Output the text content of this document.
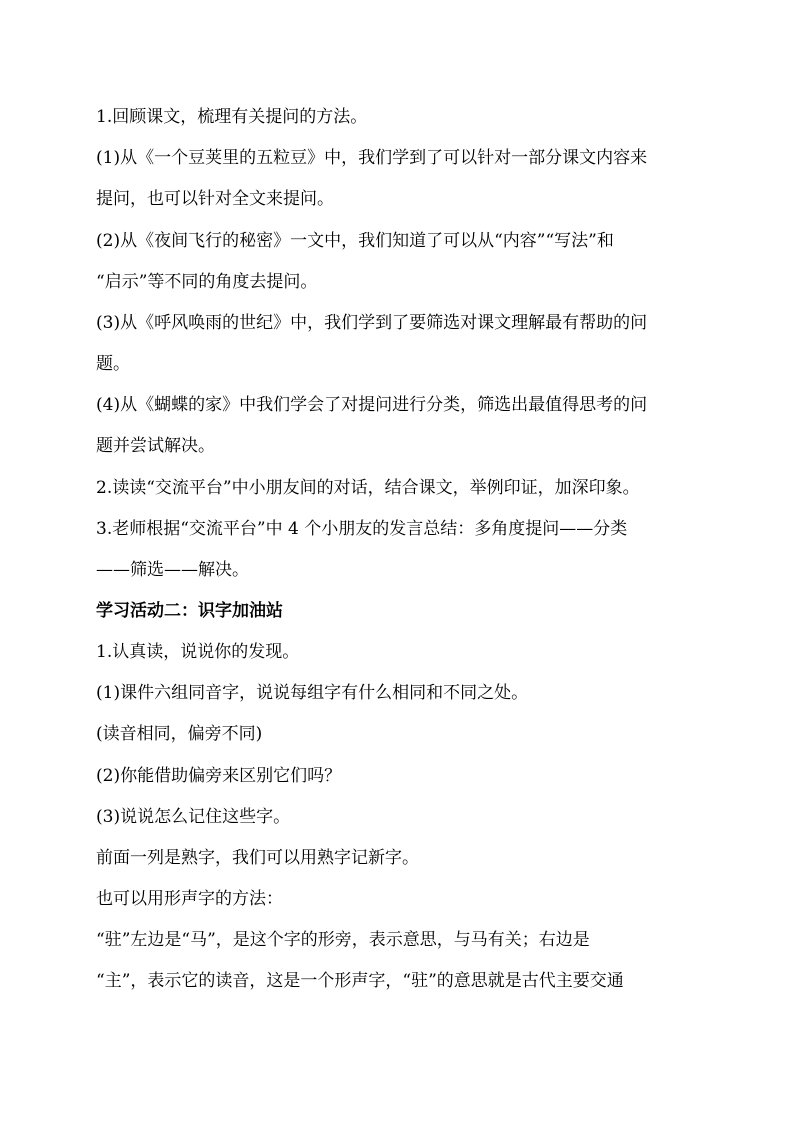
1.回顾课文，梳理有关提问的方法。
(1)从《一个豆荚里的五粒豆》中，我们学到了可以针对一部分课文内容来
提问，也可以针对全文来提问。
(2)从《夜间飞行的秘密》一文中，我们知道了可以从“内容”“写法”和
“启示”等不同的角度去提问。
(3)从《呼风唤雨的世纪》中，我们学到了要筛选对课文理解最有帮助的问
题。
(4)从《蝴蝶的家》中我们学会了对提问进行分类，筛选出最值得思考的问
题并尝试解决。
2.读读“交流平台”中小朋友间的对话，结合课文，举例印证，加深印象。
3.老师根据“交流平台”中 4 个小朋友的发言总结：多角度提问——分类
——筛选——解决。
学习活动二：识字加油站
1.认真读，说说你的发现。
(1)课件六组同音字，说说每组字有什么相同和不同之处。
(读音相同，偏旁不同)
(2)你能借助偏旁来区别它们吗？
(3)说说怎么记住这些字。
前面一列是熟字，我们可以用熟字记新字。
也可以用形声字的方法：
“驻”左边是“马”，是这个字的形旁，表示意思，与马有关；右边是
“主”，表示它的读音，这是一个形声字，“驻”的意思就是古代主要交通
